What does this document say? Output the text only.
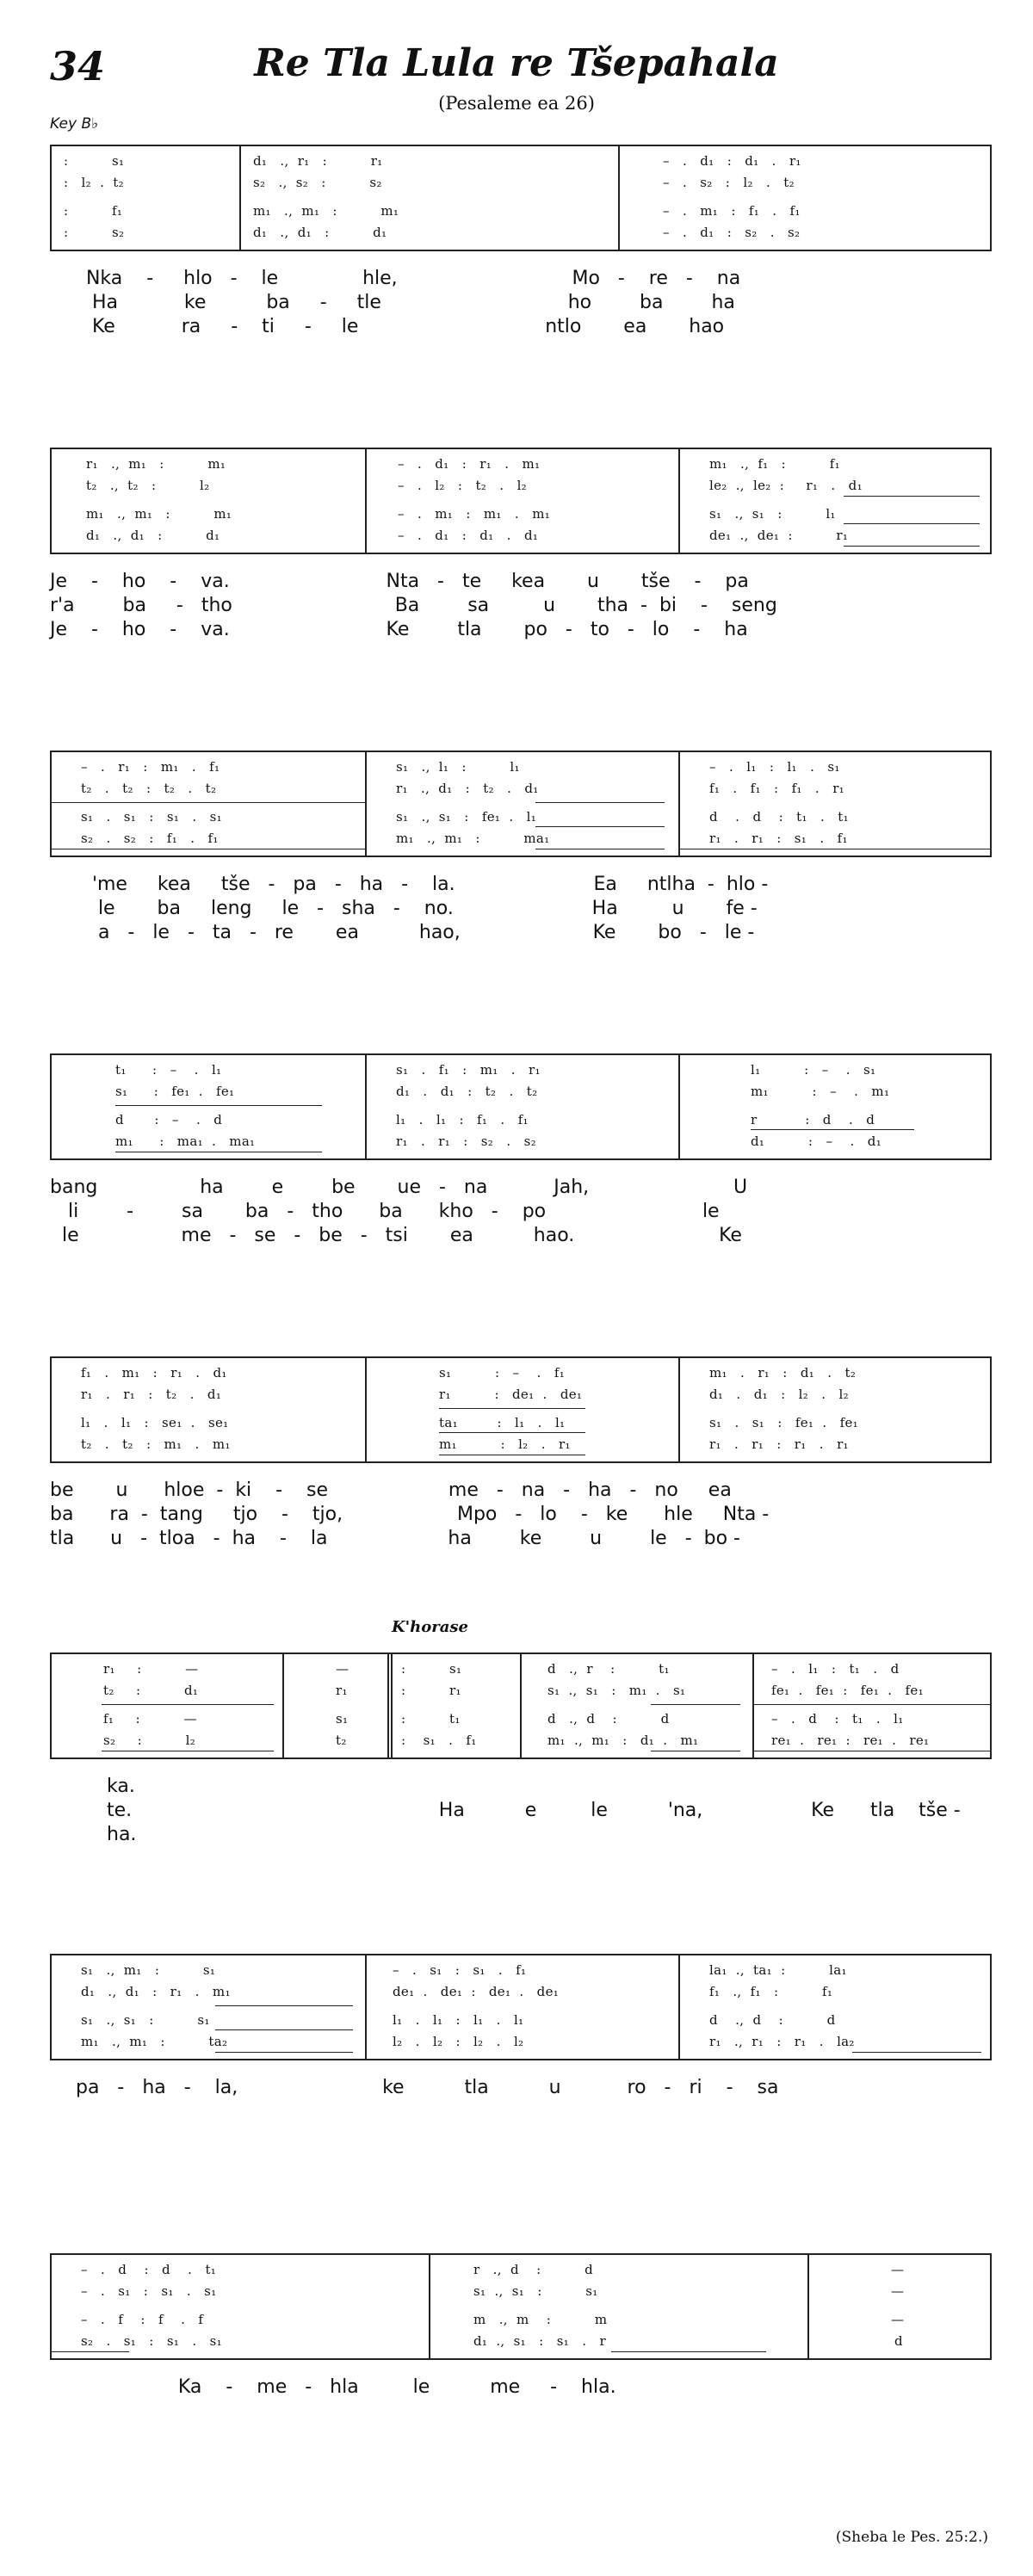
34	Re Tla Lula re Tšepahala
(Pesaleme ea 26)
Key B♭
:          s₁
:   l₂  .  t₂
:          f₁
:          s₂
d₁   .,  r₁   :          r₁
s₂   .,  s₂   :          s₂
m₁   .,  m₁   :          m₁
d₁   .,  d₁   :          d₁
–   .   d₁   :   d₁   .   r₁
–   .   s₂   :   l₂   .   t₂
–   .   m₁   :   f₁   .   f₁
–   .   d₁   :   s₂   .   s₂
Nka    -     hlo   -    le              hle,                             Mo   -    re   -    na
Ha           ke          ba     -     tle                               ho        ba        ha
Ke           ra     -    ti     -     le                               ntlo       ea       hao
r₁   .,  m₁   :          m₁
t₂   .,  t₂   :          l₂
m₁   .,  m₁   :          m₁
d₁   .,  d₁   :          d₁
–   .   d₁   :   r₁   .   m₁
–   .   l₂   :   t₂   .   l₂
–   .   m₁   :   m₁   .   m₁
–   .   d₁   :   d₁   .   d₁
m₁   .,  f₁   :          f₁
le₂  .,  le₂  :     r₁   .   d₁
s₁   .,  s₁   :          l₁
de₁  .,  de₁  :          r₁
Je    -    ho    -    va.                          Nta   -   te     kea       u       tše    -    pa
r'a        ba     -   tho                           Ba        sa         u       tha  -  bi    -    seng
Je    -    ho    -    va.                          Ke        tla       po   -   to   -   lo    -    ha
–   .   r₁   :   m₁   .   f₁
t₂   .   t₂   :   t₂   .   t₂
s₁   .   s₁   :   s₁   .   s₁
s₂   .   s₂   :   f₁   .   f₁
s₁   .,  l₁   :          l₁
r₁   .,  d₁   :   t₂   .   d₁
s₁   .,  s₁   :   fe₁  .   l₁
m₁   .,  m₁   :          ma₁
–   .   l₁   :   l₁   .   s₁
f₁   .   f₁   :   f₁   .   r₁
d    .   d    :   t₁   .   t₁
r₁   .   r₁   :   s₁   .   f₁
'me     kea     tše   -   pa   -   ha   -    la.                       Ea     ntlha  -  hlo -
le       ba     leng     le   -   sha   -    no.                       Ha         u       fe -
a   -   le   -   ta   -   re       ea          hao,                      Ke       bo   -   le -
t₁      :   –    .   l₁
s₁      :   fe₁  .   fe₁
d       :   –    .   d
m₁      :   ma₁  .   ma₁
s₁   .   f₁   :   m₁   .   r₁
d₁   .   d₁   :   t₂   .   t₂
l₁   .   l₁   :   f₁   .   f₁
r₁   .   r₁   :   s₂   .   s₂
l₁          :   –    .   s₁
m₁          :   –    .   m₁
r           :   d    .   d
d₁          :   –    .   d₁
bang                 ha        e        be       ue   -   na           Jah,                        U
li        -        sa       ba   -   tho      ba      kho   -    po                          le
le                 me   -   se   -   be   -   tsi       ea          hao.                        Ke
f₁   .   m₁   :   r₁   .   d₁
r₁   .   r₁   :   t₂   .   d₁
l₁   .   l₁   :   se₁  .   se₁
t₂   .   t₂   :   m₁   .   m₁
s₁          :   –    .   f₁
r₁          :   de₁  .   de₁
ta₁         :   l₁   .   l₁
m₁          :   l₂   .   r₁
m₁   .   r₁   :   d₁   .   t₂
d₁   .   d₁   :   l₂   .   l₂
s₁   .   s₁   :   fe₁  .   fe₁
r₁   .   r₁   :   r₁   .   r₁
be       u      hloe  -  ki    -    se                    me   -   na   -   ha   -   no     ea
ba      ra  -  tang     tjo    -    tjo,                   Mpo   -   lo    -   ke      hle     Nta -
tla      u   -  tloa   -  ha    -    la                    ha        ke        u        le   -  bo -
K'horase
r₁     :          —
t₂     :          d₁
f₁     :          —
s₂     :          l₂
—
r₁
s₁
t₂
:          s₁
:          r₁
:          t₁
:    s₁   .   f₁
d   .,  r    :          t₁
s₁  .,  s₁   :   m₁  .   s₁
d   .,  d    :          d
m₁  .,  m₁   :   d₁  .   m₁
–   .   l₁   :   t₁   .   d
fe₁  .   fe₁  :   fe₁  .   fe₁
–   .   d    :   t₁   .   l₁
re₁  .   re₁  :   re₁  .   re₁
ka.
te.                                                   Ha          e         le          'na,                  Ke      tla    tše -
ha.
s₁   .,  m₁   :          s₁
d₁   .,  d₁   :   r₁   .   m₁
s₁   .,  s₁   :          s₁
m₁   .,  m₁   :          ta₂
–   .   s₁   :   s₁   .   f₁
de₁  .   de₁  :   de₁  .   de₁
l₁   .   l₁   :   l₁   .   l₁
l₂   .   l₂   :   l₂   .   l₂
la₁  .,  ta₁  :          la₁
f₁   .,  f₁   :          f₁
d    .,  d    :          d
r₁   .,  r₁   :   r₁   .   la₂
pa   -   ha   -    la,                        ke          tla          u           ro   -   ri    -    sa
–   .   d    :   d    .   t₁
–   .   s₁   :   s₁   .   s₁
–   .   f    :   f    .   f
s₂   .   s₁   :   s₁   .   s₁
r   .,  d    :          d
s₁  .,  s₁   :          s₁
m   .,  m    :          m
d₁  .,  s₁   :   s₁   .   r
—
—
—
d
Ka    -    me   -   hla         le          me     -    hla.
(Sheba le Pes. 25:2.)
